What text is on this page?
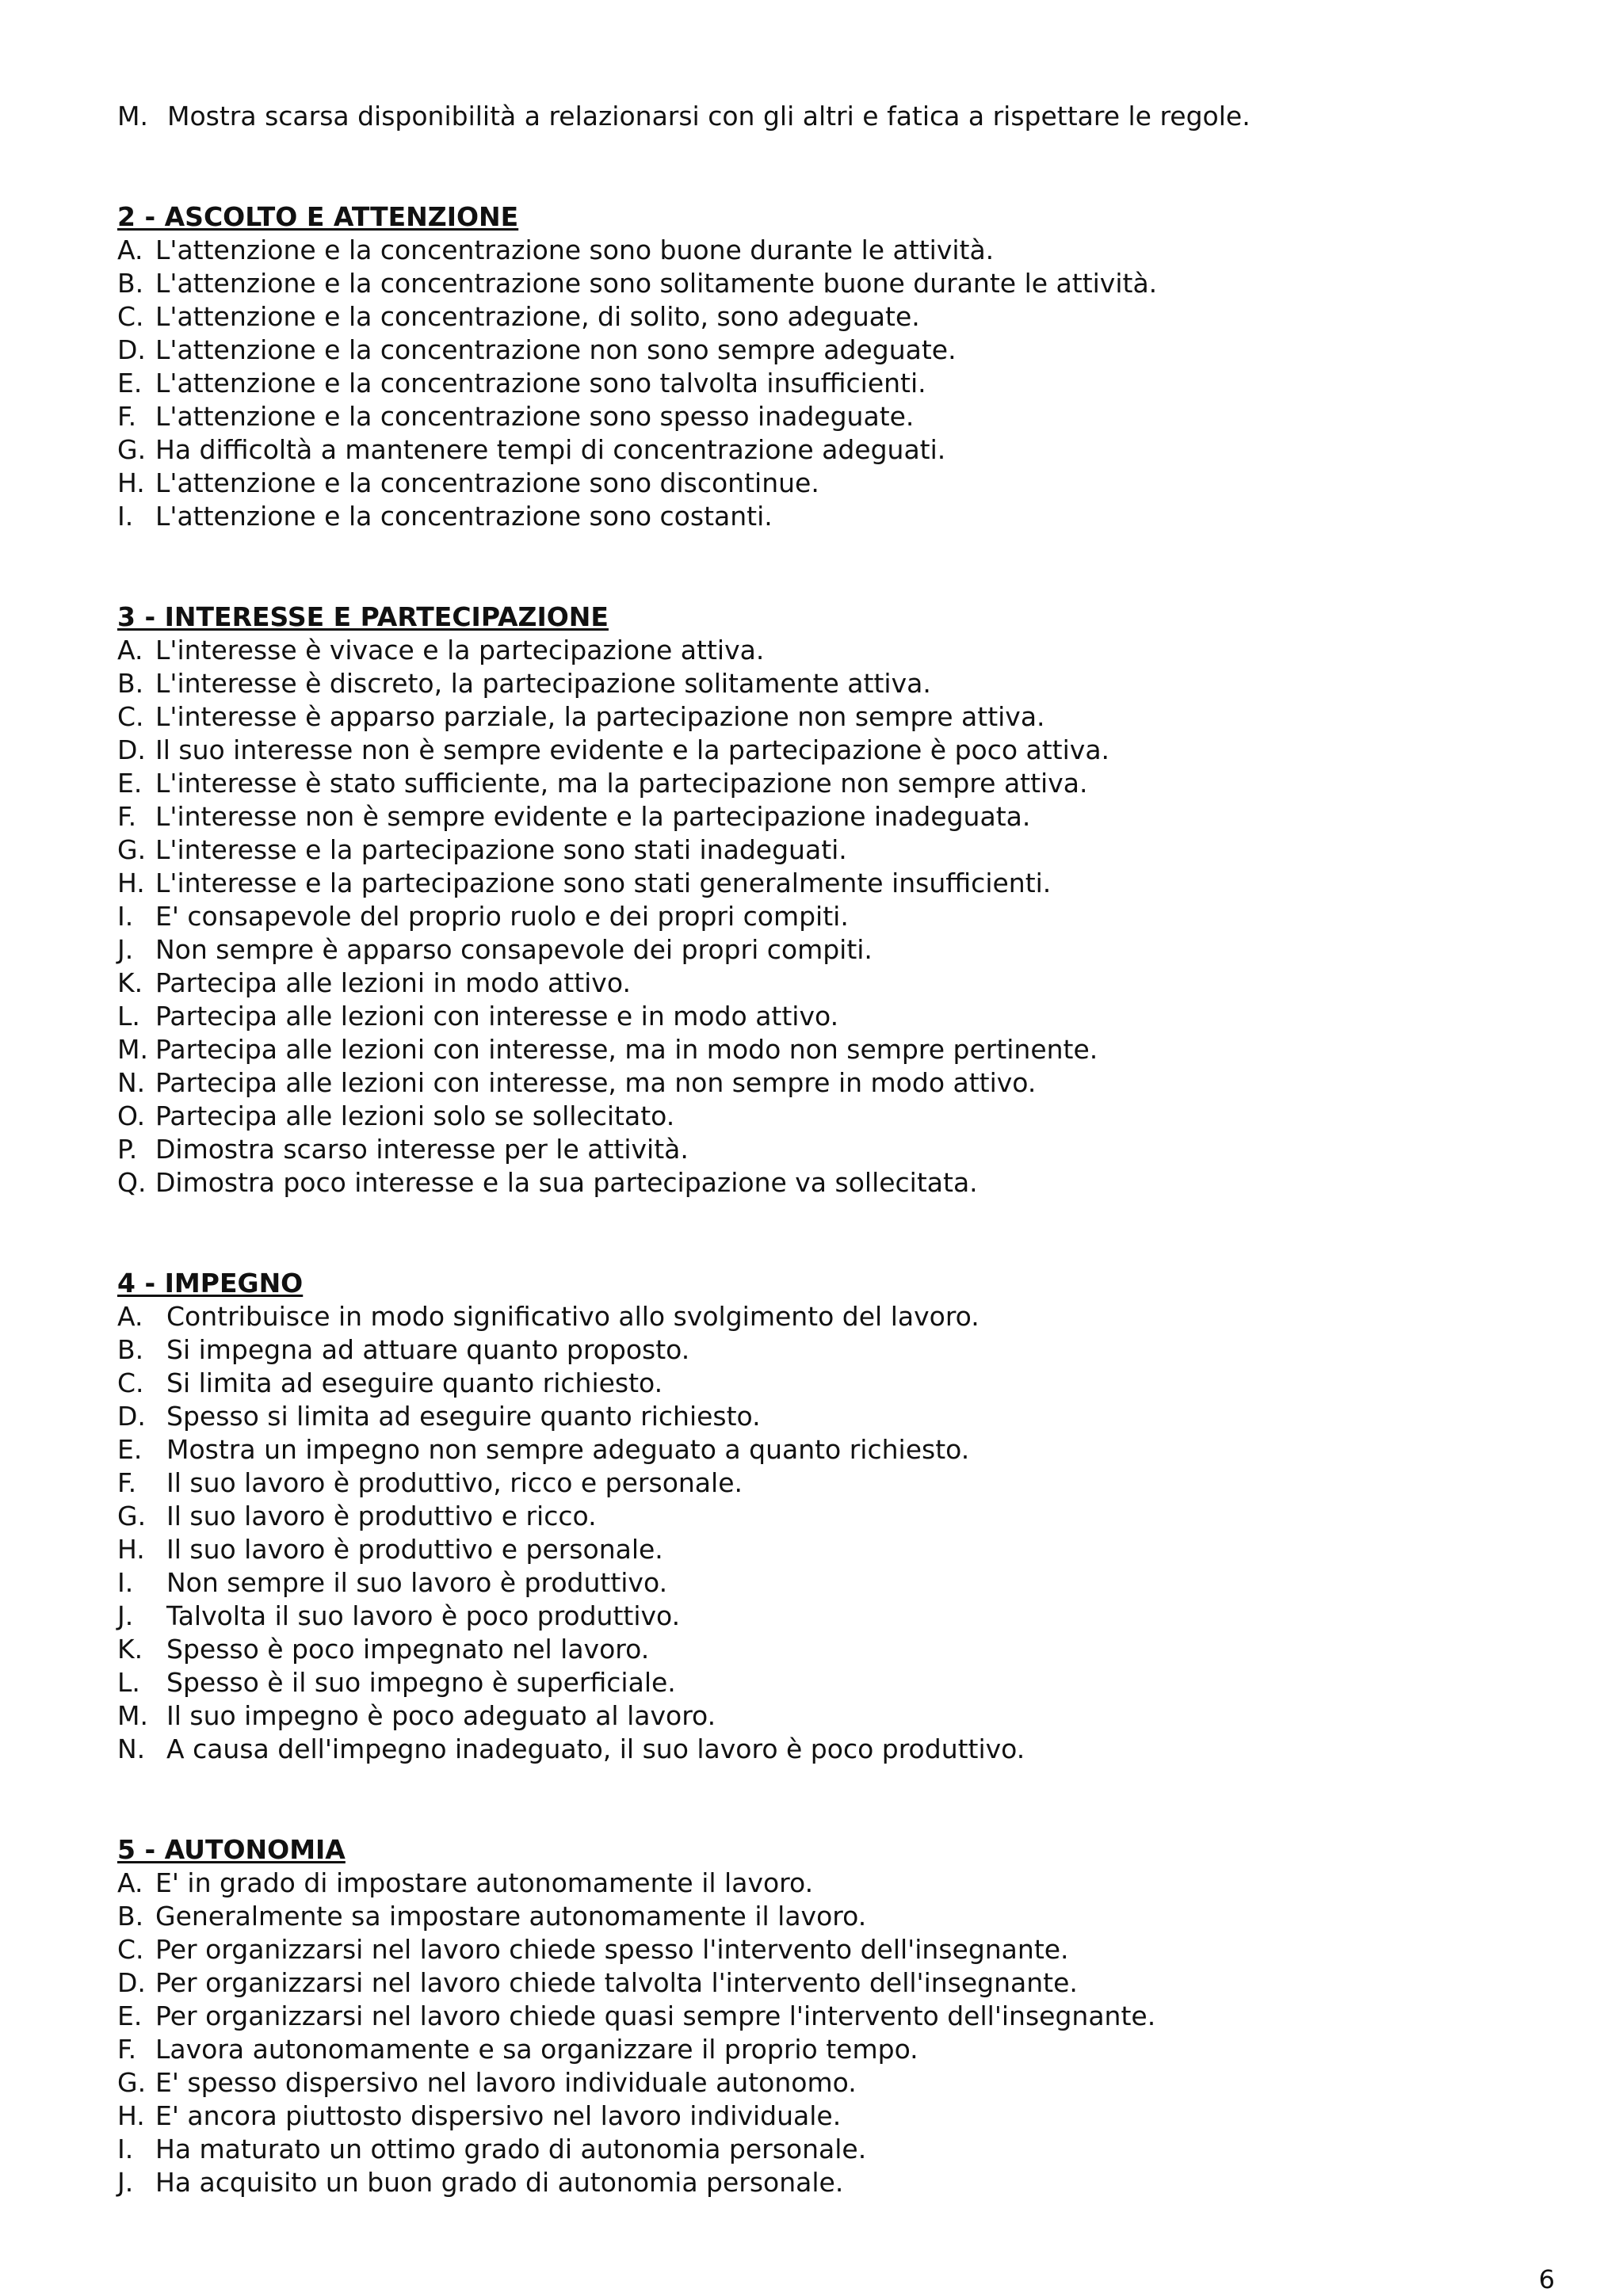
M. Mostra scarsa disponibilità a relazionarsi con gli altri e fatica a rispettare le regole.

2 - ASCOLTO E ATTENZIONE
A. L'attenzione e la concentrazione sono buone durante le attività.
B. L'attenzione e la concentrazione sono solitamente buone durante le attività.
C. L'attenzione e la concentrazione, di solito, sono adeguate.
D. L'attenzione e la concentrazione non sono sempre adeguate.
E. L'attenzione e la concentrazione sono talvolta insufficienti.
F. L'attenzione e la concentrazione sono spesso inadeguate.
G. Ha difficoltà a mantenere tempi di concentrazione adeguati.
H. L'attenzione e la concentrazione sono discontinue.
I. L'attenzione e la concentrazione sono costanti.
3 - INTERESSE E PARTECIPAZIONE
A. L'interesse è vivace e la partecipazione attiva.
B. L'interesse è discreto, la partecipazione solitamente attiva.
C. L'interesse è apparso parziale, la partecipazione non sempre attiva.
D. Il suo interesse non è sempre evidente e la partecipazione è poco attiva.
E. L'interesse è stato sufficiente, ma la partecipazione non sempre attiva.
F. L'interesse non è sempre evidente e la partecipazione inadeguata.
G. L'interesse e la partecipazione sono stati inadeguati.
H. L'interesse e la partecipazione sono stati generalmente insufficienti.
I. E' consapevole del proprio ruolo e dei propri compiti.
J. Non sempre è apparso consapevole dei propri compiti.
K. Partecipa alle lezioni in modo attivo.
L. Partecipa alle lezioni con interesse e in modo attivo.
M. Partecipa alle lezioni con interesse, ma in modo non sempre pertinente.
N. Partecipa alle lezioni con interesse, ma non sempre in modo attivo.
O. Partecipa alle lezioni solo se sollecitato.
P. Dimostra scarso interesse per le attività.
Q. Dimostra poco interesse e la sua partecipazione va sollecitata.
4 - IMPEGNO
A. Contribuisce in modo significativo allo svolgimento del lavoro.
B. Si impegna ad attuare quanto proposto.
C. Si limita ad eseguire quanto richiesto.
D. Spesso si limita ad eseguire quanto richiesto.
E. Mostra un impegno non sempre adeguato a quanto richiesto.
F.	Il suo lavoro è produttivo, ricco e personale.
G. Il suo lavoro è produttivo e ricco.
H. Il suo lavoro è produttivo e personale.
I.	Non sempre il suo lavoro è produttivo.
J.	Talvolta il suo lavoro è poco produttivo.
K. Spesso è poco impegnato nel lavoro.
L.	Spesso è il suo impegno è superficiale.
M. Il suo impegno è poco adeguato al lavoro.
N. A causa dell'impegno inadeguato, il suo lavoro è poco produttivo.
5 - AUTONOMIA
A. E' in grado di impostare autonomamente il lavoro.
B. Generalmente sa impostare autonomamente il lavoro.
C. Per organizzarsi nel lavoro chiede spesso l'intervento dell'insegnante.
D. Per organizzarsi nel lavoro chiede talvolta l'intervento dell'insegnante.
E. Per organizzarsi nel lavoro chiede quasi sempre l'intervento dell'insegnante.
F. Lavora autonomamente e sa organizzare il proprio tempo.
G. E' spesso dispersivo nel lavoro individuale autonomo.
H. E' ancora piuttosto dispersivo nel lavoro individuale.
I. Ha maturato un ottimo grado di autonomia personale.
J. Ha acquisito un buon grado di autonomia personale.
6
